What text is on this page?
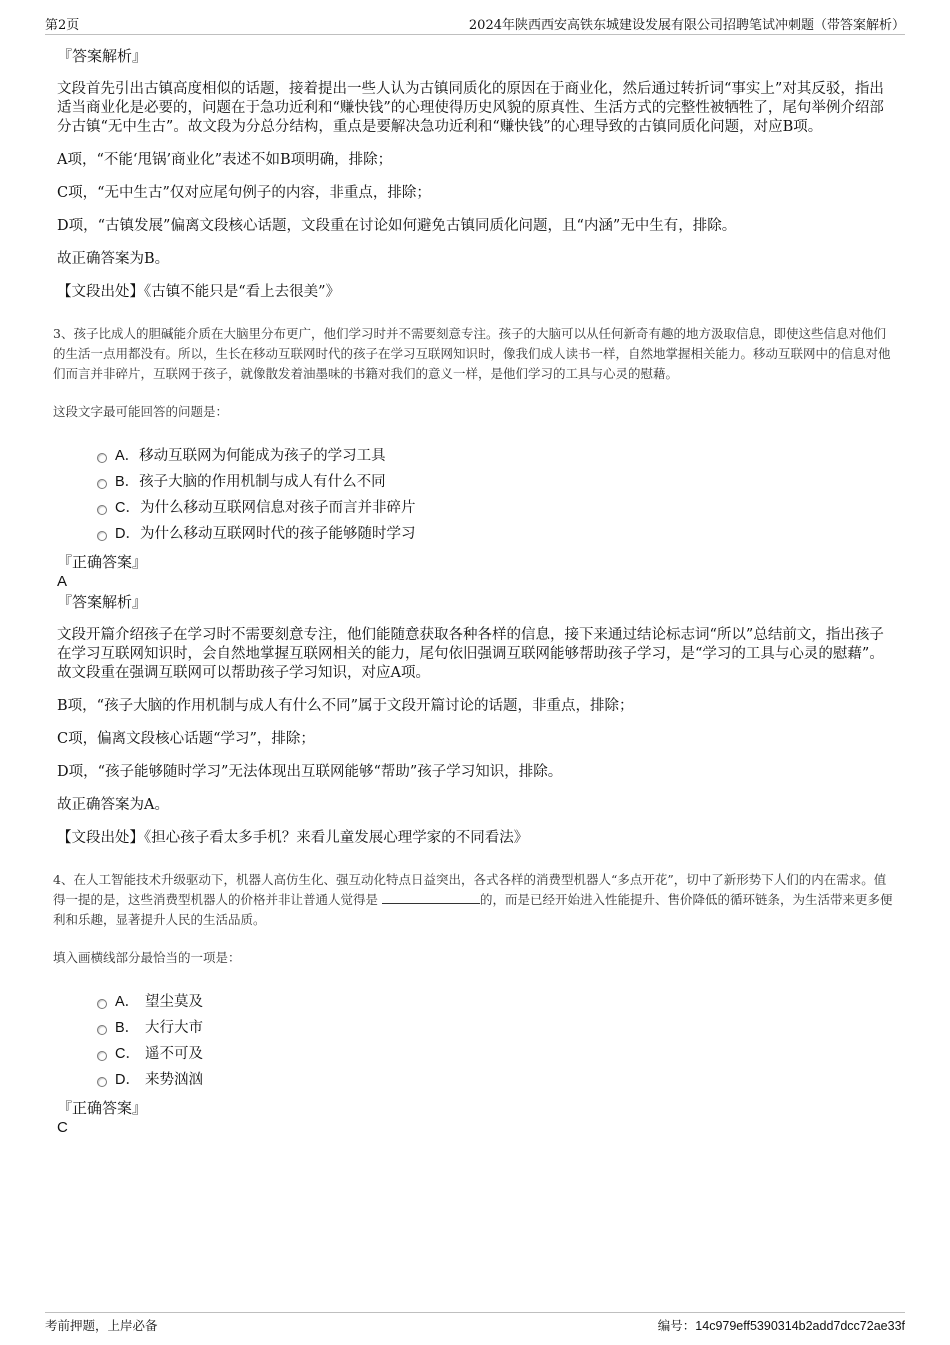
第2页	2024年陕西西安高铁东城建设发展有限公司招聘笔试冲刺题（带答案解析）

『答案解析』

文段首先引出古镇高度相似的话题，接着提出一些人认为古镇同质化的原因在于商业化，然后通过转折词“事实上”对其反驳，指出适当商业化是必要的，问题在于急功近利和“赚快钱”的心理使得历史风貌的原真性、生活方式的完整性被牺牲了，尾句举例介绍部分古镇“无中生古”。故文段为分总分结构，重点是要解决急功近利和“赚快钱”的心理导致的古镇同质化问题，对应B项。

A项，“不能‘甩锅’商业化”表述不如B项明确，排除；

C项，“无中生古”仅对应尾句例子的内容，非重点，排除；

D项，“古镇发展”偏离文段核心话题，文段重在讨论如何避免古镇同质化问题，且“内涵”无中生有，排除。

故正确答案为B。

【文段出处】《古镇不能只是“看上去很美”》

3、孩子比成人的胆碱能介质在大脑里分布更广，他们学习时并不需要刻意专注。孩子的大脑可以从任何新奇有趣的地方汲取信息，即使这些信息对他们的生活一点用都没有。所以，生长在移动互联网时代的孩子在学习互联网知识时，像我们成人读书一样，自然地掌握相关能力。移动互联网中的信息对他们而言并非碎片，互联网于孩子，就像散发着油墨味的书籍对我们的意义一样，是他们学习的工具与心灵的慰藉。

这段文字最可能回答的问题是：

A．移动互联网为何能成为孩子的学习工具
B．孩子大脑的作用机制与成人有什么不同
C．为什么移动互联网信息对孩子而言并非碎片
D．为什么移动互联网时代的孩子能够随时学习

『正确答案』

A

『答案解析』

文段开篇介绍孩子在学习时不需要刻意专注，他们能随意获取各种各样的信息，接下来通过结论标志词“所以”总结前文，指出孩子在学习互联网知识时，会自然地掌握互联网相关的能力，尾句依旧强调互联网能够帮助孩子学习，是“学习的工具与心灵的慰藉”。故文段重在强调互联网可以帮助孩子学习知识，对应A项。

B项，“孩子大脑的作用机制与成人有什么不同”属于文段开篇讨论的话题，非重点，排除；

C项，偏离文段核心话题“学习”，排除；

D项，“孩子能够随时学习”无法体现出互联网能够“帮助”孩子学习知识，排除。

故正确答案为A。

【文段出处】《担心孩子看太多手机？来看儿童发展心理学家的不同看法》

4、在人工智能技术升级驱动下，机器人高仿生化、强互动化特点日益突出，各式各样的消费型机器人“多点开花”，切中了新形势下人们的内在需求。值得一提的是，这些消费型机器人的价格并非让普通人觉得是	的，而是已经开始进入性能提升、售价降低的循环链条，为生活带来更多便利和乐趣，显著提升人民的生活品质。

填入画横线部分最恰当的一项是：

A． 望尘莫及
B． 大行大市
C． 遥不可及
D． 来势汹汹

『正确答案』

C

考前押题，上岸必备	编号：14c979eff5390314b2add7dcc72ae33f
